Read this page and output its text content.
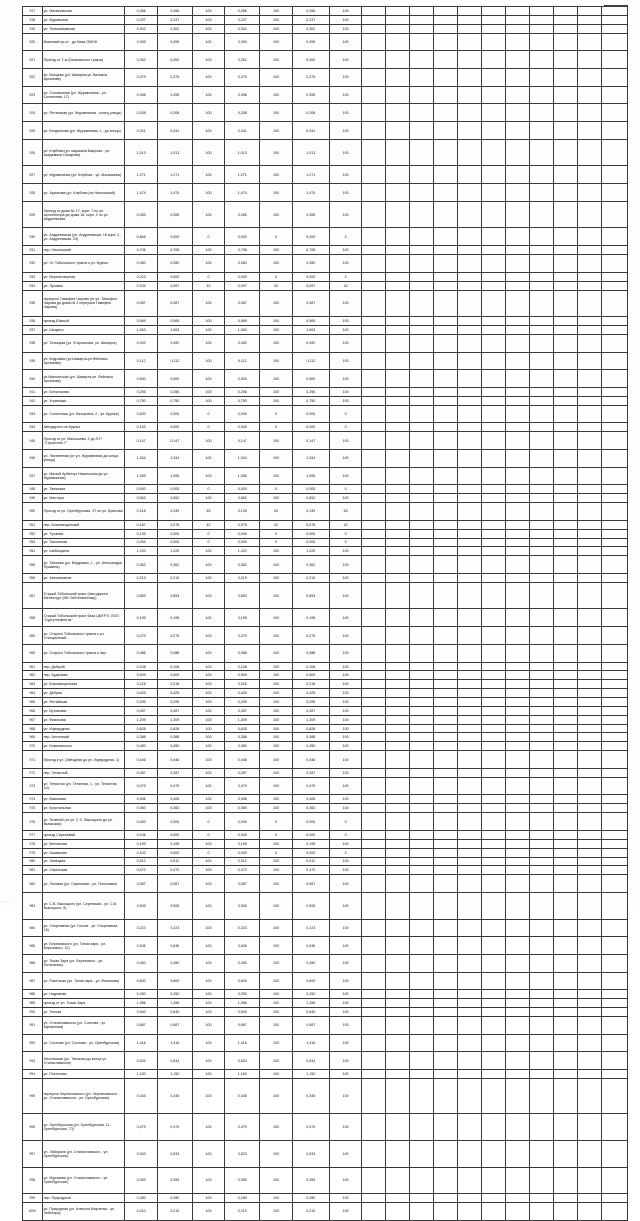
917	ул. Малиновская	0,266	0,266	100	0,266	100	0,266	100											
918	ул. Муравьина	0,237	0,237	100	0,237	100	0,237	100											
919	ул. Тельмановская	0,302	0,302	100	0,302	100	0,302	100											
920	Воинский пр-кт - до базы ОМОН	0,399	0,399	100	0,399	100	0,399	100											
921	Проезд от Т-ы (Балковского тракта)	0,262	0,262	100	0,262	100	0,262	100											
922	ул. Ванцева (ул. Шикарта-ул. Валикса Архипова)	0,379	0,379	100	0,379	100	0,379	100											
923	ул. Соловьиная (ул. Журавлиная - ул. Солнечная, 17)	0,398	0,398	100	0,398	100	0,398	100											
924	ул. Ялтинская (ул. Журавлиная - конец улицы)	0,208	0,208	100	0,208	100	0,208	100											
925	ул. Бетдникова (ул. Журавлиная, 1 - до конца)	0,341	0,341	100	0,341	100	0,341	100											
926	ул. Клубная (ул. маршала Баирова - ул. Академика Сахарова)	1,013	1,013	100	1,013	100	1,013	100											
927	ул. Журавлиная (ул. Клубная - ул. Малышева)	1,271	1,271	100	1,271	100	1,271	100											
928	ул. Архипова (ул. Клубная (по Никольский)	1,474	1,474	100	1,474	100	1,474	100											
929	Проезд от дома № 17, корп. 7 по ул. Архитектора до дома 18, корп. 2 по ул. Андреевская	0,265	0,265	100	0,265	100	0,265	100											
930	ул. Андреевская (ул. Андреевская, 16 корп. 2 - ул. Андреевская, 24)	0,848	0,000	0	0,000	0	0,000	0											
931	пер. Никольский	0,706	0,706	100	0,706	100	0,706	100											
932	ул. От Тобольского тракта к ул. Крупье	0,260	0,260	100	0,260	100	0,260	100											
933	ул. Верхнеозерная	0,223	0,000	0	0,000	0	0,000	0											
934	ул. Луговая	0,234	0,097	42	0,097	42	0,097	42											
935	переулок Тимофея Чарова (от ул. Тимофея Чарова до дома № 2 переулка Тимофея Чарова)	0,087	0,087	100	0,087	100	0,087	100											
936	проезд Южный	0,569	0,569	100	0,569	100	0,569	100											
937	ул. Шицкого	1,063	1,063	100	1,063	100	1,063	100											
938	ул. Талицкая (ул. Ф.Архипова- ул. Шикарта)	0,492	0,492	100	0,492	100	0,492	100											
939	ул. Кедровая (ул.Шикарта-ул.Фейлиса Архипова)	0,112	0,112	100	0,112	100	0,112	100											
940	ул.Мансинская (ул. Шикарта-ул. Фейлиса Архипова)	0,500	0,500	100	0,500	100	0,500	100											
941	ул. Бельгорова	0,256	0,256	100	0,256	100	0,256	100											
942	ул. Угринская	0,750	0,750	100	0,750	100	0,750	100											
943	ул. Солнечная (ул. Назоргина, 2 - ул. Крупье)	0,620	0,000	0	0,000	0	0,000	0											
944	Автодорога на Крупье	0,153	0,000	0	0,000	0	0,000	0											
945	Проезд от ул. Малышева, 2 до П.Р. "Строитель-7"	0,147	0,147	100	0,147	100	0,147	100											
946	ул. Лиственная (от ул. Журавлиная до конца улицы)	1,344	1,344	100	1,344	100	1,344	100											
947	ул. Малый Арбатчуг Никольская до ул. Журавлиная)	1,055	1,055	100	1,055	100	1,055	100											
948	ул. Таежская	0,000	0,000	0	0,000	0	0,000	0											
949	ул. Мастера	0,652	0,652	100	0,652	100	0,652	100											
950	Проезд от ул. Оренбургская, 37 по ул. Брюхова	0,218	0,139	63	0,139	63	0,139	63											
951	пер. Благовещенский	0,187	0,078	42	0,078	42	0,078	42											
952	ул. Тулаева	0,135	0,000	0	0,000	0	0,000	0											
953	ул. Тополиная	0,254	0,000	0	0,000	0	0,000	0											
954	ул. Шабалдина	1,220	1,220	100	1,220	100	1,220	100											
955	ул. Таежная (ул. Бердюжко, 1 - ул. Александра Пушкина)	0,362	0,362	100	0,362	100	0,362	100											
956	ул. Автомеханов	0,219	0,219	100	0,219	100	0,219	100											
957	Старый Тобольский тракт (Автодорога Металлург (МК Сибтехмонтаж))	0,853	0,853	100	0,853	100	0,853	100											
958	Старый Тобольский тракт база ЦМГРЭ, ООО "Сургутнефтегаз"	0,195	0,195	100	0,195	100	0,195	100											
959	ул. Старого Тобольского тракта к ул. Станционный	0,279	0,279	100	0,279	100	0,279	100											
960	ул. Старого Тобольского тракта к пер.	0,086	0,086	100	0,086	100	0,086	100											
961	пер. Добрый	0,108	0,108	100	0,108	100	0,108	100											
962	пер. Буденова	0,509	0,509	100	0,509	100	0,509	100											
963	ул. Благовещенская	0,216	0,216	100	0,216	100	0,216	100											
964	ул. Дебряя	0,425	0,425	100	0,425	100	0,425	100											
965	ул. Ялтийская	0,295	0,295	100	0,295	100	0,295	100											
966	ул. Бутовская	0,457	0,457	100	0,457	100	0,457	100											
967	ул. Фиалкова	1,209	1,209	100	1,209	100	1,209	100											
968	ул. Изумрудная	0,628	0,628	100	0,628	100	0,628	100											
969	пер. Алтинский	0,388	0,388	100	0,388	100	0,388	100											
970	ул. Бекиновского	0,450	0,450	100	0,450	100	0,450	100											
971	Проезд к ул. (Звёздная до ул. Изумрудная, 1)	0,446	0,446	100	0,446	100	0,446	100											
972	пер. Тенистый	0,287	0,287	100	0,287	100	0,287	100											
973	ул. Тенистая (ул. Тенистая, 1 - ул. Тенистая, 14)	0,479	0,479	100	0,479	100	0,479	100											
974	ул. Вьюжская	0,406	0,406	100	0,406	100	0,406	100											
975	ул. Кристальная	0,360	0,360	100	0,360	100	0,360	100											
976	ул. Зеленой (от ул. С.С. Высоцкого до ул. Вьюжская)	0,452	0,000	0	0,000	0	0,000	0											
977	проезд Сиреневый	0,106	0,000	0	0,000	0	0,000	0											
978	ул. Ветлянова	0,199	0,199	100	0,199	100	0,199	100											
979	ул. Ишимская	0,102	0,000	0	0,000	0	0,000	0											
980	ул. Липецкая	0,512	0,512	100	0,512	100	0,512	100											
981	ул. Серенская	0,472	0,472	100	0,472	100	0,472	100											
982	ул. Лотовая (ул. Серенская - ул. Потоковая)	0,087	0,087	100	0,087	100	0,087	100											
983	ул. С.В. Высоцкого (ул. Серенская - ул. С.В. Высоцкого, 5)	0,505	0,505	100	0,505	100	0,505	100											
984	ул. Спортивная (ул. Гоголя - ул. Спортивная, 16)	0,223	0,223	100	0,223	100	0,223	100											
985	ул. Березовского (ул. Тихая заря - ул. Березового, 32)	0,636	0,636	100	0,636	100	0,636	100											
986	ул. Тихая Заря (ул. Березового - ул. Потапиная)	0,450	0,450	100	0,450	100	0,450	100											
987	ул. Ракетская (ул. Тихая заря - ул. Фиалкова)	0,600	0,600	100	0,600	100	0,600	100											
988	ул. Надежная	0,250	0,250	100	0,250	100	0,250	100											
989	проезд от ул. Тихая Заря	1,356	1,356	100	1,356	100	1,356	100											
990	ул. Тепчая	0,640	0,640	100	0,640	100	0,640	100											
991	ул. Станиславского (ул. Соснова - ул. Мусаелева)	0,687	0,687	100	0,687	100	0,687	100											
992	ул. Соснова (ул. Соснова - ул. Оренбургская)	1,416	1,416	100	1,416	100	1,416	100											
993	Никольская (ул. Таежная-до конца ул. Станиславского)	0,634	0,634	100	0,634	100	0,634	100											
994	ул. Потатская	1,150	1,150	100	1,150	100	1,150	100											
995	переулок Черняховского (ул. Черняховского - ул. Станиславского - ул. Оренбургская)	0,345	0,345	100	0,345	100	0,345	100											
996	ул. Оренбургская (ул. Оренбургская, 11 - Оренбургская, 73)	0,479	0,479	100	0,479	100	0,479	100											
997	ул. Лабораня (ул. Станиславского - ул. Оренбургская)	0,533	0,533	100	0,533	100	0,533	100											
998	ул. Мурзаева (ул. Станиславского - ул. Оренбургская)	0,359	0,359	100	0,359	100	0,359	100											
999	пер. Природный	0,280	0,280	100	0,280	100	0,280	100											
1000	ул. Природная (ул. Алексея Марченко - ул. Чеботаря)	0,210	0,210	100	0,210	100	0,210	100											
......
